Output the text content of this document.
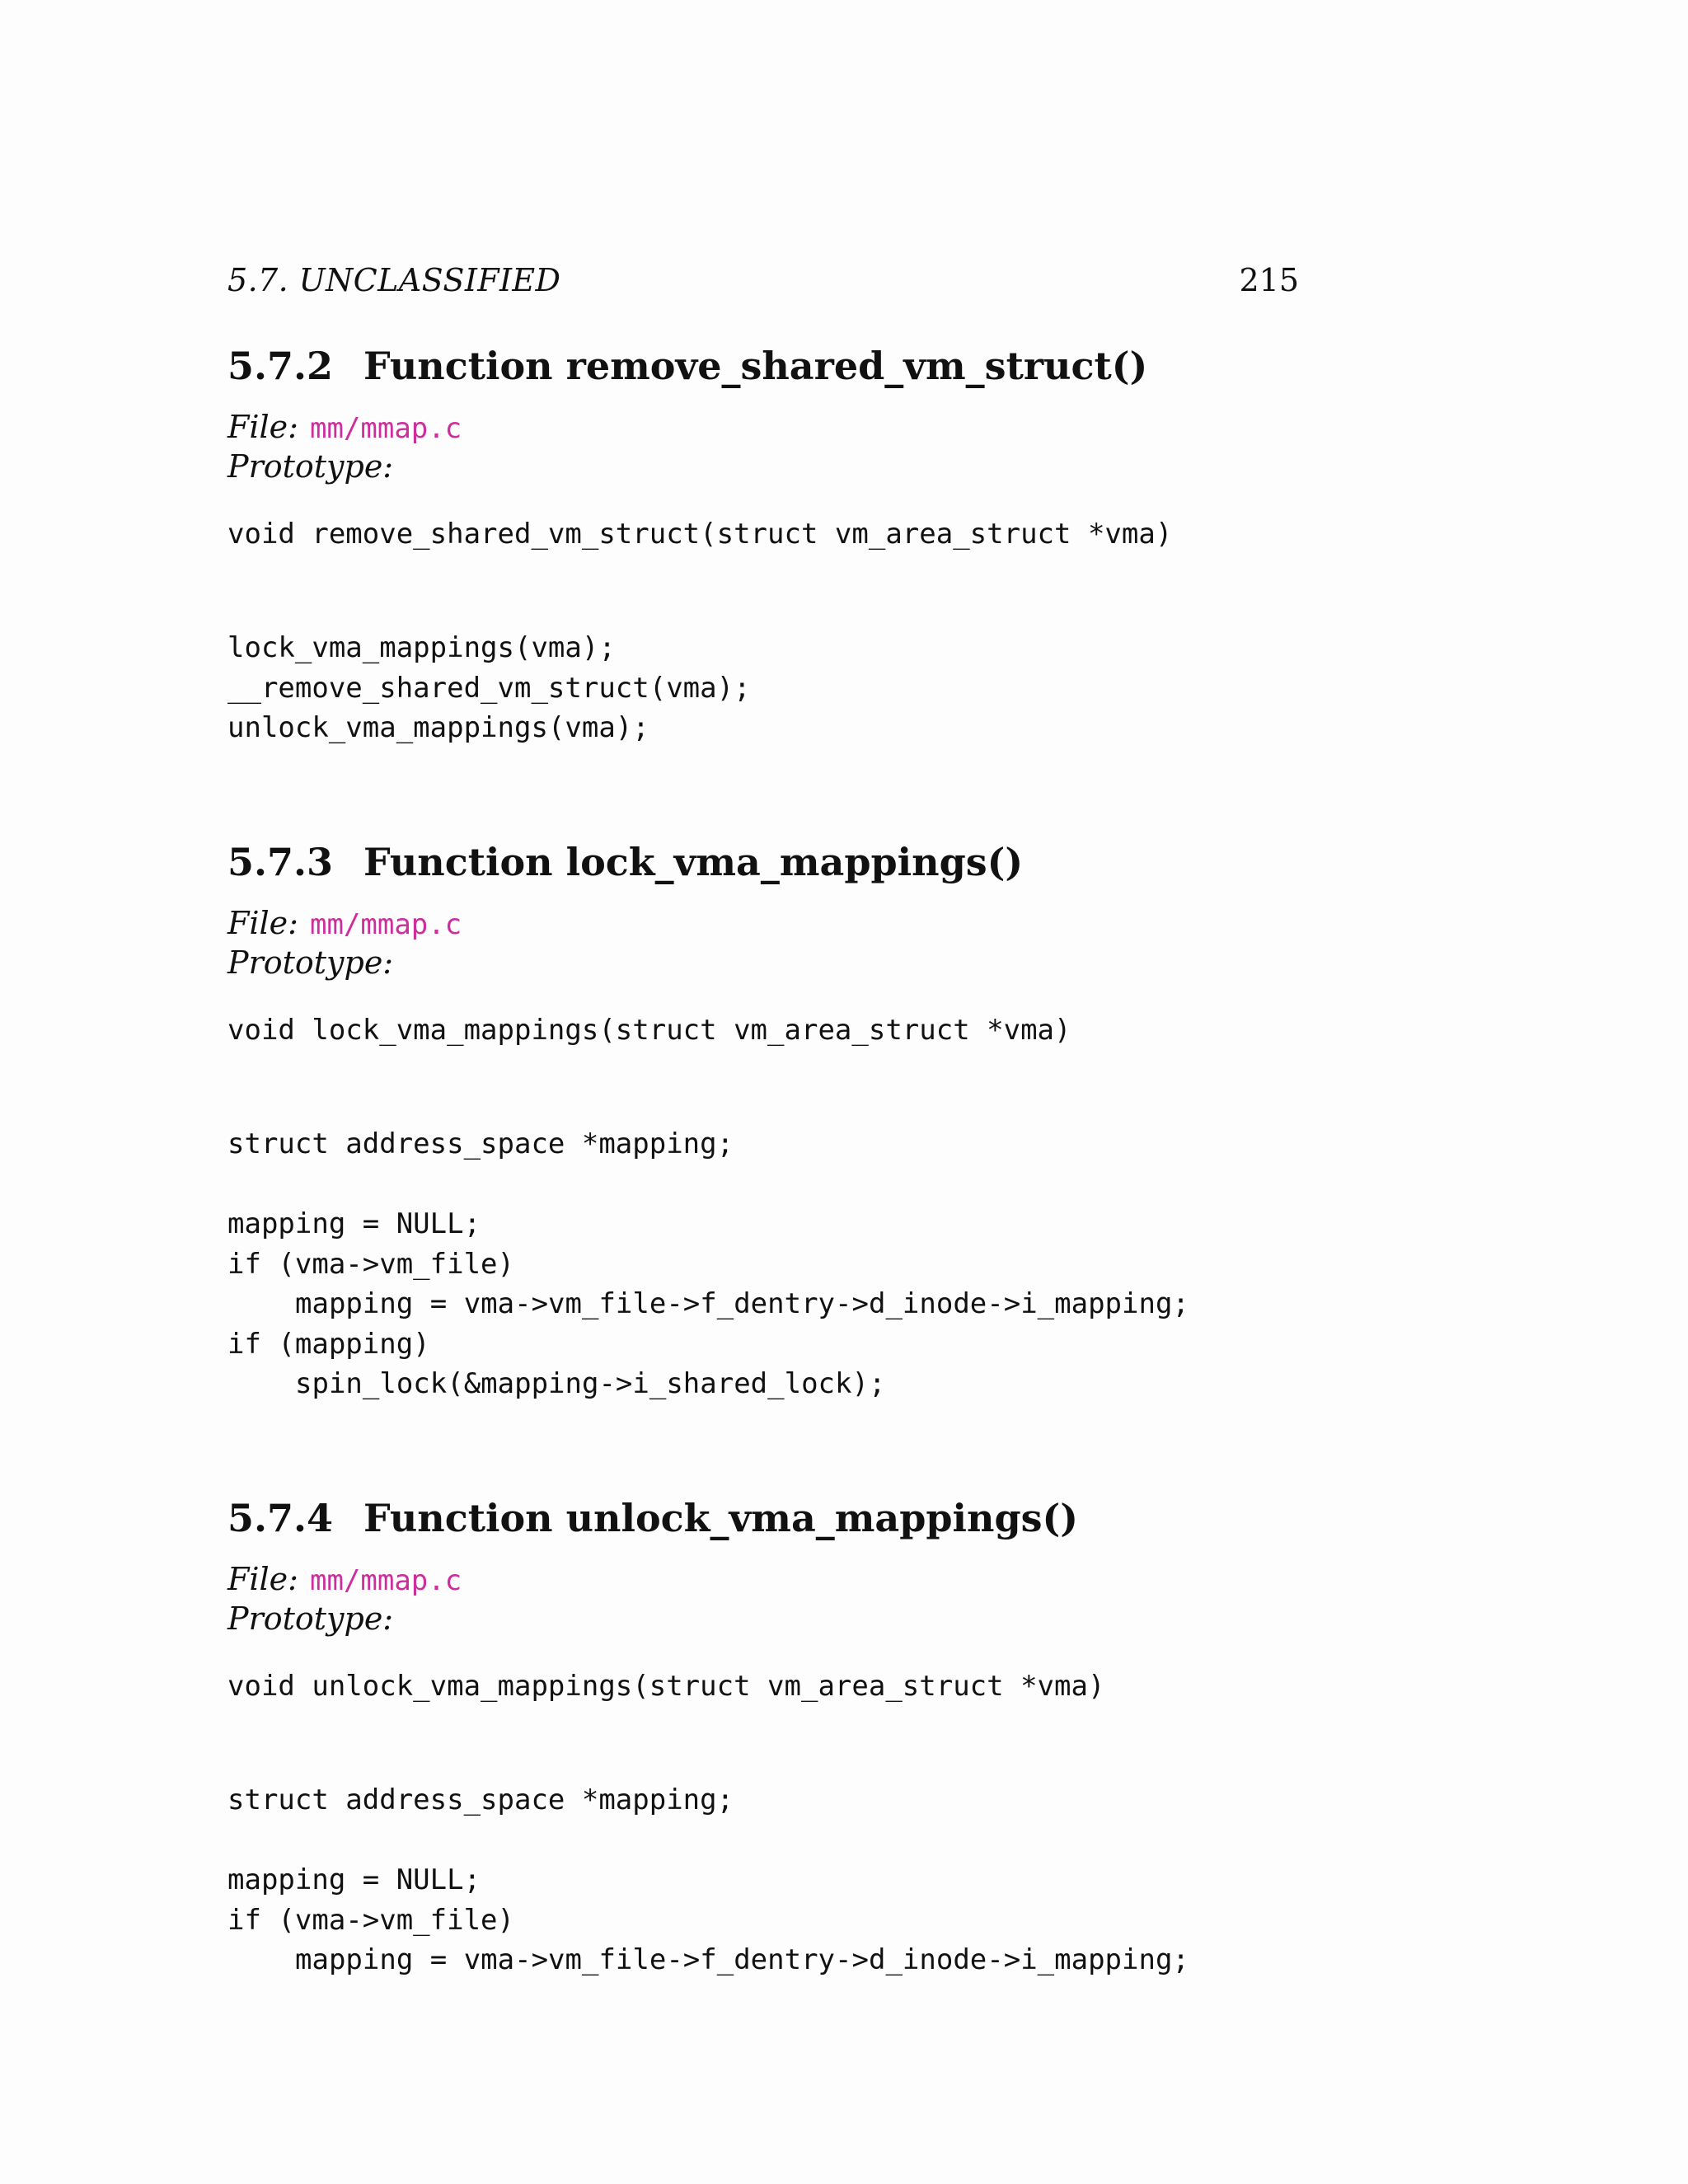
5.7. UNCLASSIFIED	215
5.7.2 Function remove_shared_vm_struct()
File: mm/mmap.c
Prototype:
void remove_shared_vm_struct(struct vm_area_struct *vma)
lock_vma_mappings(vma);
__remove_shared_vm_struct(vma);
unlock_vma_mappings(vma);
5.7.3 Function lock_vma_mappings()
File: mm/mmap.c
Prototype:
void lock_vma_mappings(struct vm_area_struct *vma)
struct address_space *mapping;
mapping = NULL;
if (vma->vm_file)
mapping = vma->vm_file->f_dentry->d_inode->i_mapping;
if (mapping)
spin_lock(&mapping->i_shared_lock);
5.7.4 Function unlock_vma_mappings()
File: mm/mmap.c
Prototype:
void unlock_vma_mappings(struct vm_area_struct *vma)
struct address_space *mapping;
mapping = NULL;
if (vma->vm_file)
mapping = vma->vm_file->f_dentry->d_inode->i_mapping;
